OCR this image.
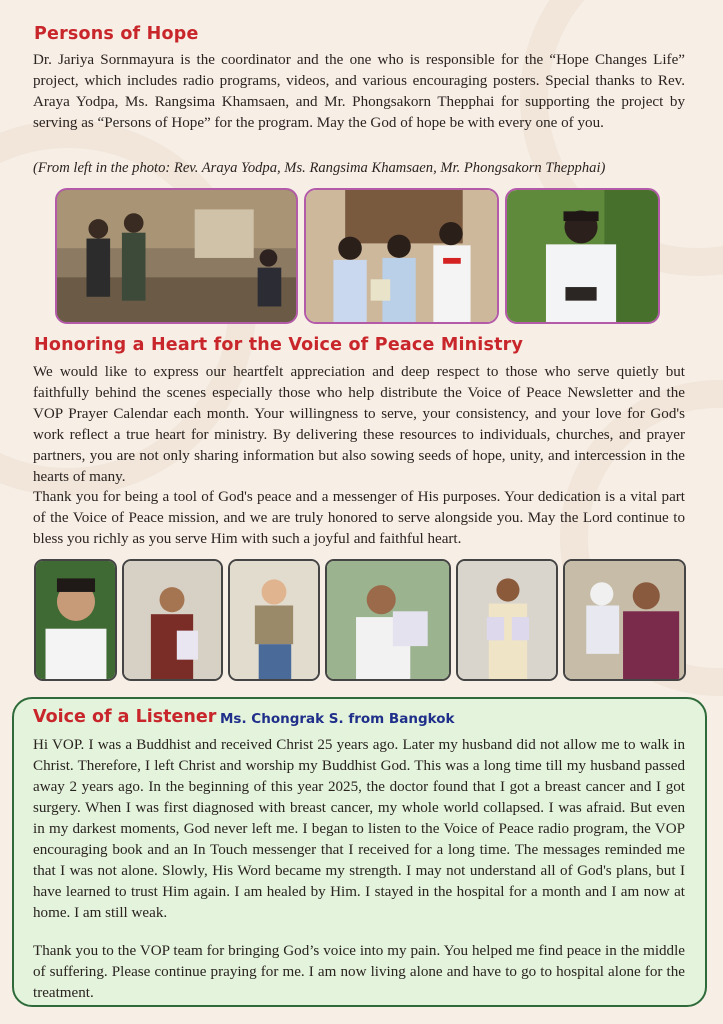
Persons of Hope

Dr. Jariya Sornmayura is the coordinator and the one who is responsible for the “Hope Changes Life” project, which includes radio programs, videos, and various encouraging posters. Special thanks to Rev. Araya Yodpa, Ms. Rangsima Khamsaen, and Mr. Phongsakorn Thepphai for supporting the project by serving as “Persons of Hope” for the program. May the God of hope be with every one of you.

(From left in the photo: Rev. Araya Yodpa, Ms. Rangsima Khamsaen, Mr. Phongsakorn Thepphai)

Honoring a Heart for the Voice of Peace Ministry

We would like to express our heartfelt appreciation and deep respect to those who serve quietly but faithfully behind the scenes especially those who help distribute the Voice of Peace Newsletter and the VOP Prayer Calendar each month. Your willingness to serve, your consistency, and your love for God's work reflect a true heart for ministry. By delivering these resources to individuals, churches, and prayer partners, you are not only sharing information but also sowing seeds of hope, unity, and intercession in the hearts of many.

Thank you for being a tool of God's peace and a messenger of His purposes. Your dedication is a vital part of the Voice of Peace mission, and we are truly honored to serve alongside you. May the Lord continue to bless you richly as you serve Him with such a joyful and faithful heart.

Voice of a Listener Ms. Chongrak S. from Bangkok

Hi VOP. I was a Buddhist and received Christ 25 years ago. Later my husband did not allow me to walk in Christ. Therefore, I left Christ and worship my Buddhist God. This was a long time till my husband passed away 2 years ago. In the beginning of this year 2025, the doctor found that I got a breast cancer and I got surgery. When I was first diagnosed with breast cancer, my whole world collapsed. I was afraid. But even in my darkest moments, God never left me. I began to listen to the Voice of Peace radio program, the VOP encouraging book and an In Touch messenger that I received for a long time. The messages reminded me that I was not alone. Slowly, His Word became my strength. I may not understand all of God's plans, but I have learned to trust Him again. I am healed by Him. I stayed in the hospital for a month and I am now at home. I am still weak.

Thank you to the VOP team for bringing God’s voice into my pain. You helped me find peace in the middle of suffering. Please continue praying for me. I am now living alone and have to go to hospital alone for the treatment.
